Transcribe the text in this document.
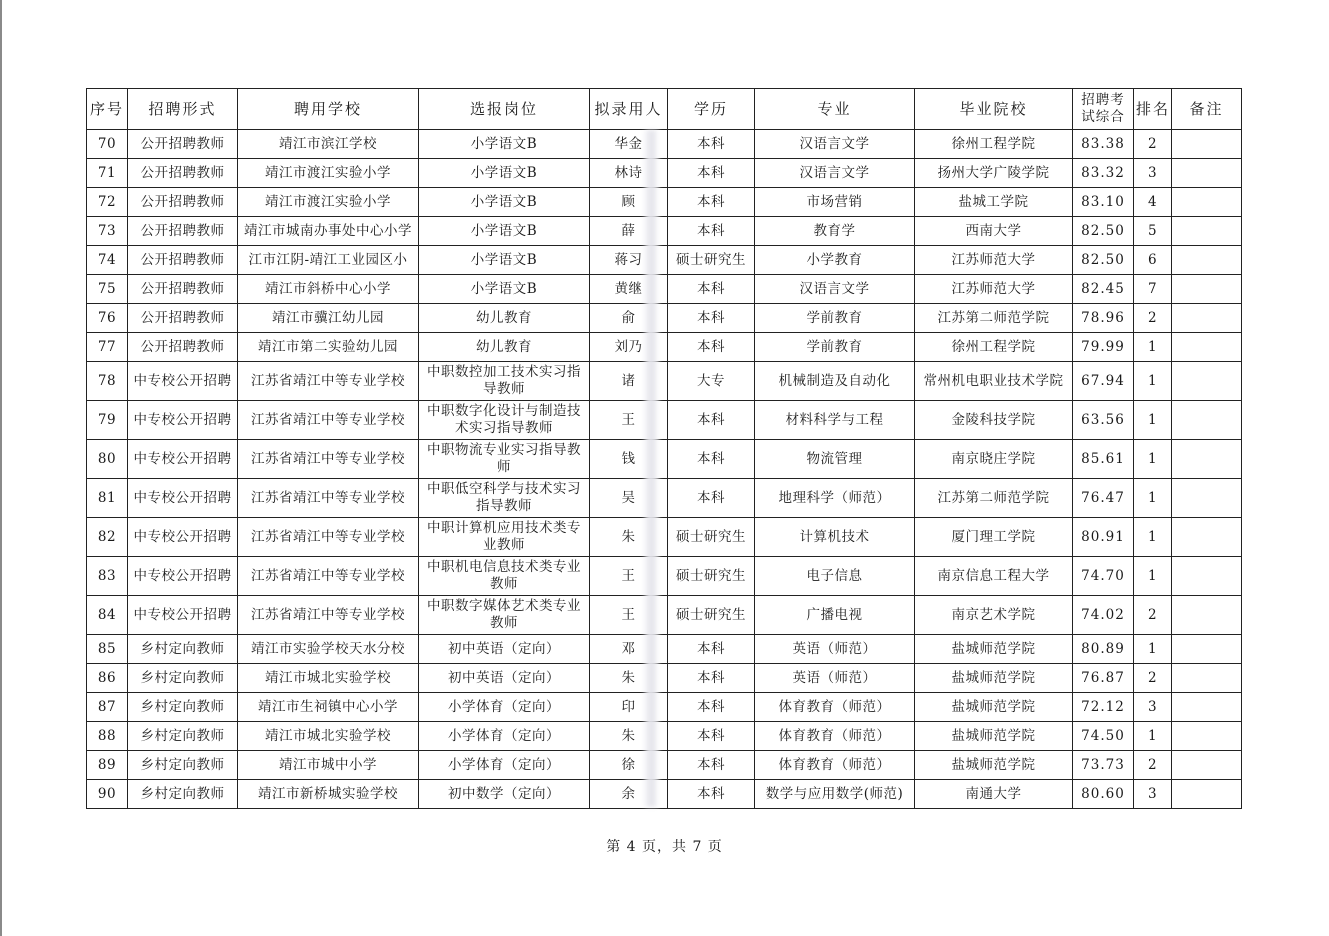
序号	招聘形式	聘用学校	选报岗位	拟录用人	学历	专业	毕业院校	招聘考试综合	排名	备注
70	公开招聘教师	靖江市滨江学校	小学语文B	华金	本科	汉语言文学	徐州工程学院	83.38	2	
71	公开招聘教师	靖江市渡江实验小学	小学语文B	林诗	本科	汉语言文学	扬州大学广陵学院	83.32	3	
72	公开招聘教师	靖江市渡江实验小学	小学语文B	顾	本科	市场营销	盐城工学院	83.10	4	
73	公开招聘教师	靖江市城南办事处中心小学	小学语文B	薛	本科	教育学	西南大学	82.50	5	
74	公开招聘教师	江市江阴-靖江工业园区小	小学语文B	蒋习	硕士研究生	小学教育	江苏师范大学	82.50	6	
75	公开招聘教师	靖江市斜桥中心小学	小学语文B	黄继	本科	汉语言文学	江苏师范大学	82.45	7	
76	公开招聘教师	靖江市骥江幼儿园	幼儿教育	俞	本科	学前教育	江苏第二师范学院	78.96	2	
77	公开招聘教师	靖江市第二实验幼儿园	幼儿教育	刘乃	本科	学前教育	徐州工程学院	79.99	1	
78	中专校公开招聘	江苏省靖江中等专业学校	中职数控加工技术实习指导教师	诸	大专	机械制造及自动化	常州机电职业技术学院	67.94	1	
79	中专校公开招聘	江苏省靖江中等专业学校	中职数字化设计与制造技术实习指导教师	王	本科	材料科学与工程	金陵科技学院	63.56	1	
80	中专校公开招聘	江苏省靖江中等专业学校	中职物流专业实习指导教师	钱	本科	物流管理	南京晓庄学院	85.61	1	
81	中专校公开招聘	江苏省靖江中等专业学校	中职低空科学与技术实习指导教师	吴	本科	地理科学（师范）	江苏第二师范学院	76.47	1	
82	中专校公开招聘	江苏省靖江中等专业学校	中职计算机应用技术类专业教师	朱	硕士研究生	计算机技术	厦门理工学院	80.91	1	
83	中专校公开招聘	江苏省靖江中等专业学校	中职机电信息技术类专业教师	王	硕士研究生	电子信息	南京信息工程大学	74.70	1	
84	中专校公开招聘	江苏省靖江中等专业学校	中职数字媒体艺术类专业教师	王	硕士研究生	广播电视	南京艺术学院	74.02	2	
85	乡村定向教师	靖江市实验学校天水分校	初中英语（定向）	邓	本科	英语（师范）	盐城师范学院	80.89	1	
86	乡村定向教师	靖江市城北实验学校	初中英语（定向）	朱	本科	英语（师范）	盐城师范学院	76.87	2	
87	乡村定向教师	靖江市生祠镇中心小学	小学体育（定向）	印	本科	体育教育（师范）	盐城师范学院	72.12	3	
88	乡村定向教师	靖江市城北实验学校	小学体育（定向）	朱	本科	体育教育（师范）	盐城师范学院	74.50	1	
89	乡村定向教师	靖江市城中小学	小学体育（定向）	徐	本科	体育教育（师范）	盐城师范学院	73.73	2	
90	乡村定向教师	靖江市新桥城实验学校	初中数学（定向）	余	本科	数学与应用数学(师范)	南通大学	80.60	3	
第 4 页，共 7 页
